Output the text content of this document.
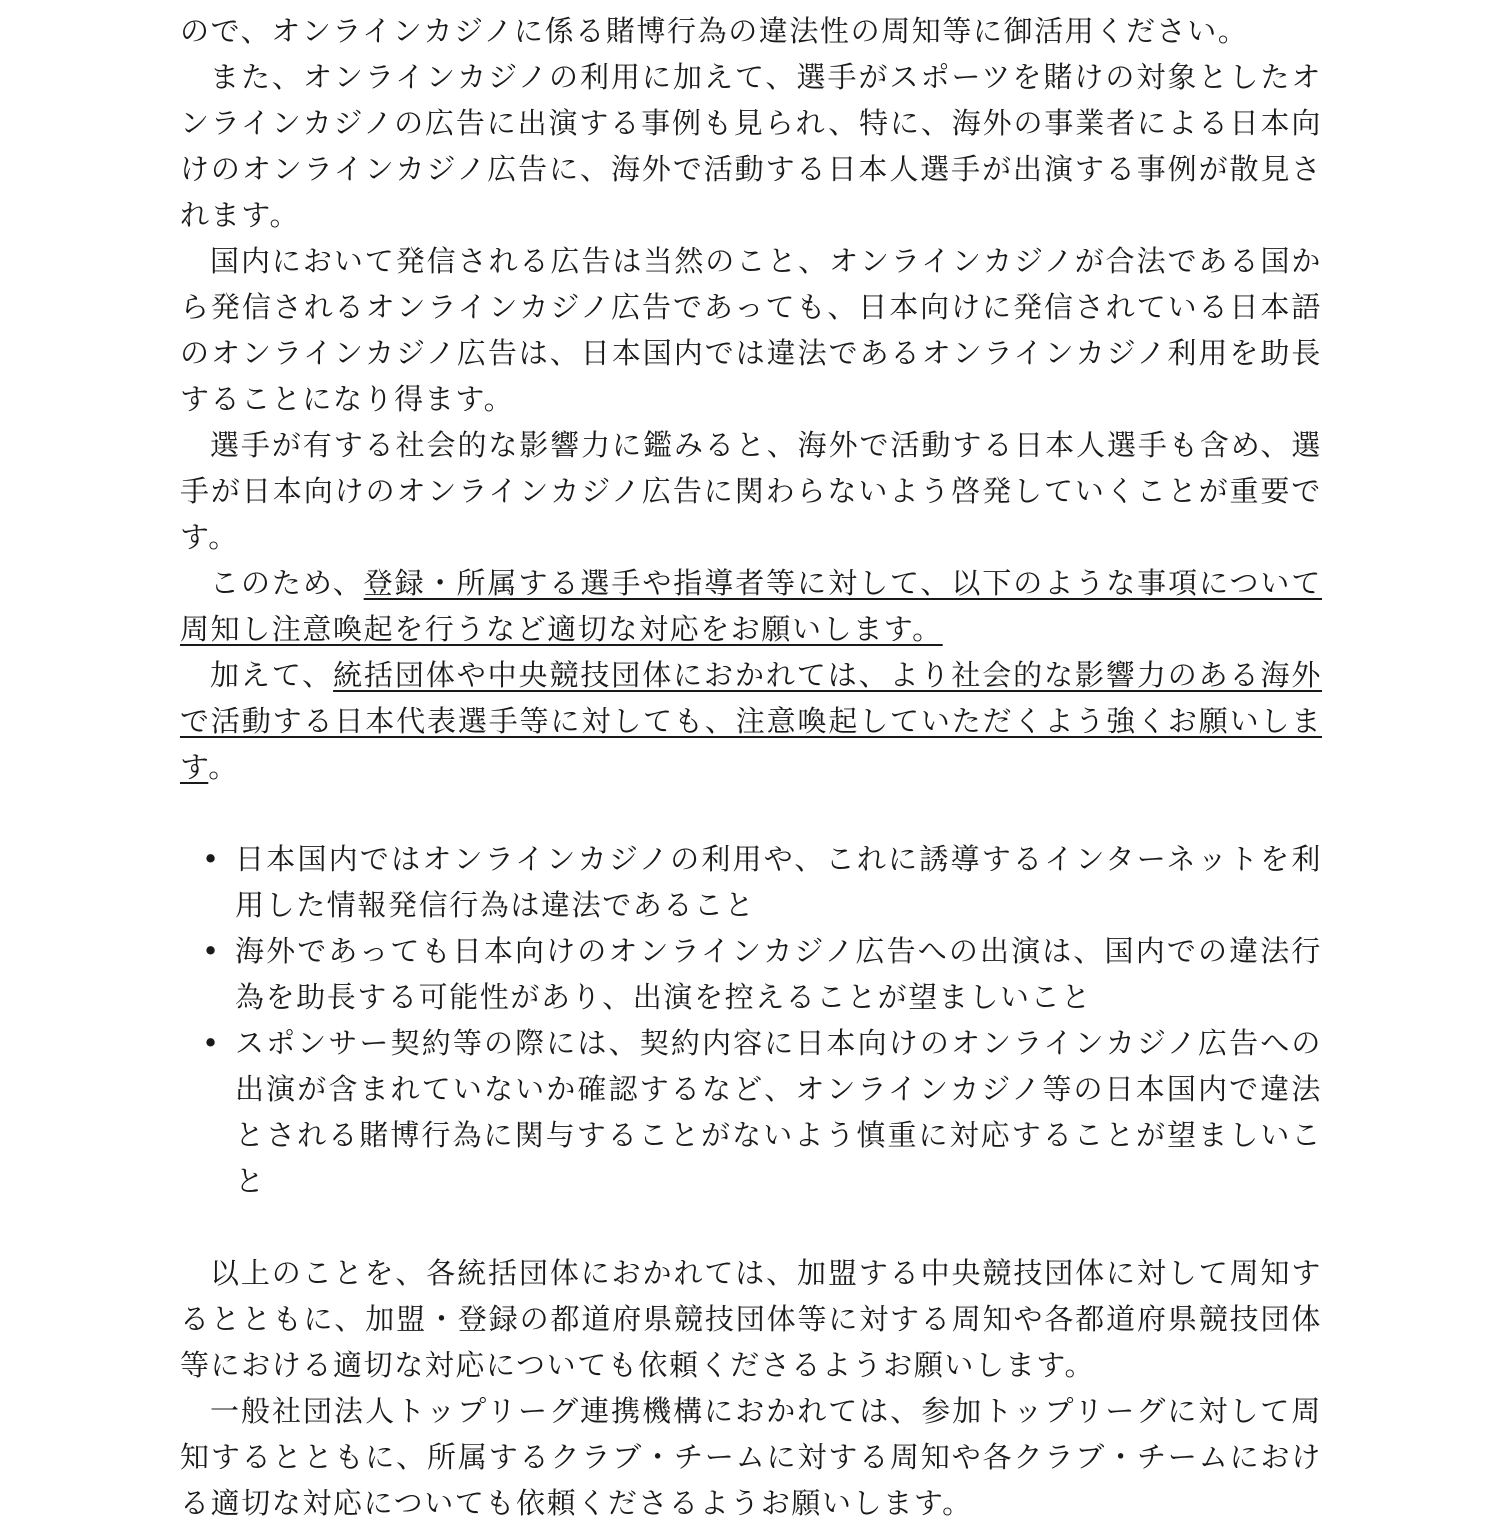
ので、オンラインカジノに係る賭博行為の違法性の周知等に御活用ください。

また、オンラインカジノの利用に加えて、選手がスポーツを賭けの対象としたオンラインカジノの広告に出演する事例も見られ、特に、海外の事業者による日本向けのオンラインカジノ広告に、海外で活動する日本人選手が出演する事例が散見されます。

国内において発信される広告は当然のこと、オンラインカジノが合法である国から発信されるオンラインカジノ広告であっても、日本向けに発信されている日本語のオンラインカジノ広告は、日本国内では違法であるオンラインカジノ利用を助長することになり得ます。

選手が有する社会的な影響力に鑑みると、海外で活動する日本人選手も含め、選手が日本向けのオンラインカジノ広告に関わらないよう啓発していくことが重要です。

このため、登録・所属する選手や指導者等に対して、以下のような事項について周知し注意喚起を行うなど適切な対応をお願いします。

加えて、統括団体や中央競技団体におかれては、より社会的な影響力のある海外で活動する日本代表選手等に対しても、注意喚起していただくよう強くお願いします。

• 日本国内ではオンラインカジノの利用や、これに誘導するインターネットを利用した情報発信行為は違法であること
• 海外であっても日本向けのオンラインカジノ広告への出演は、国内での違法行為を助長する可能性があり、出演を控えることが望ましいこと
• スポンサー契約等の際には、契約内容に日本向けのオンラインカジノ広告への出演が含まれていないか確認するなど、オンラインカジノ等の日本国内で違法とされる賭博行為に関与することがないよう慎重に対応することが望ましいこと

以上のことを、各統括団体におかれては、加盟する中央競技団体に対して周知するとともに、加盟・登録の都道府県競技団体等に対する周知や各都道府県競技団体等における適切な対応についても依頼くださるようお願いします。

一般社団法人トップリーグ連携機構におかれては、参加トップリーグに対して周知するとともに、所属するクラブ・チームに対する周知や各クラブ・チームにおける適切な対応についても依頼くださるようお願いします。
